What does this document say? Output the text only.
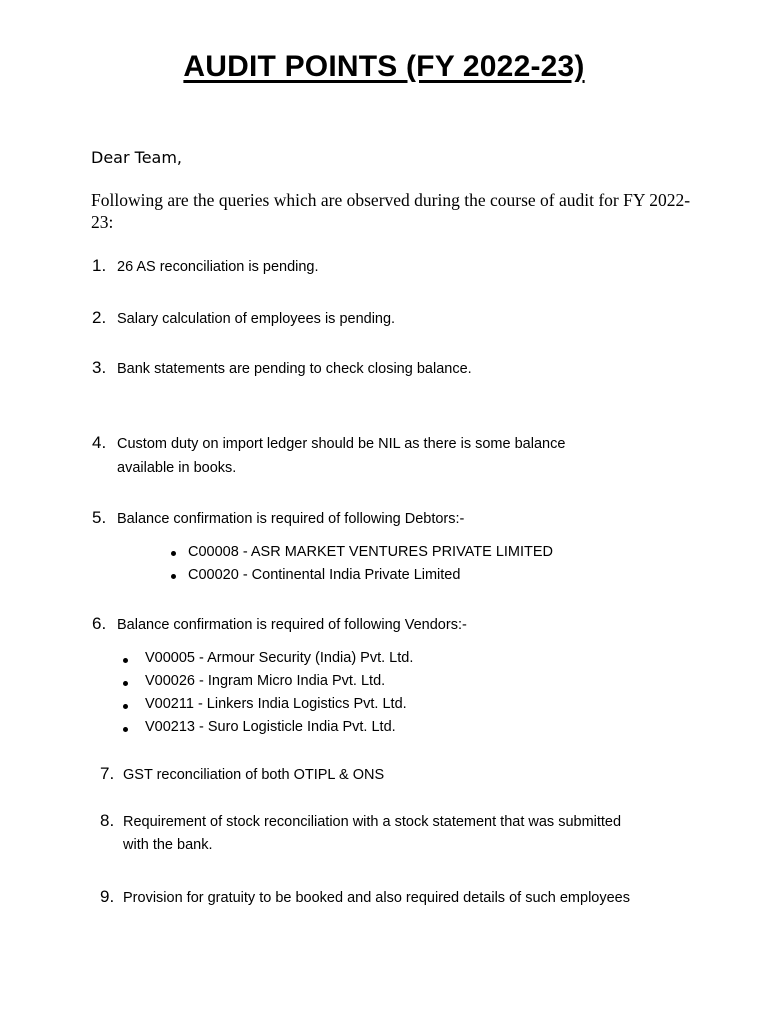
AUDIT POINTS (FY 2022-23)
Dear Team,
Following are the queries which are observed during the course of audit for FY 2022-23:
1. 26 AS reconciliation is pending.
2. Salary calculation of employees is pending.
3. Bank statements are pending to check closing balance.
4. Custom duty on import ledger should be NIL as there is some balance
available in books.
5. Balance confirmation is required of following Debtors:-
C00008 - ASR MARKET VENTURES PRIVATE LIMITED
C00020 - Continental India Private Limited
6. Balance confirmation is required of following Vendors:-
V00005 - Armour Security (India) Pvt. Ltd.
V00026 - Ingram Micro India Pvt. Ltd.
V00211 - Linkers India Logistics Pvt. Ltd.
V00213 - Suro Logisticle India Pvt. Ltd.
7. GST reconciliation of both OTIPL & ONS
8. Requirement of stock reconciliation with a stock statement that was submitted
with the bank.
9. Provision for gratuity to be booked and also required details of such employees
